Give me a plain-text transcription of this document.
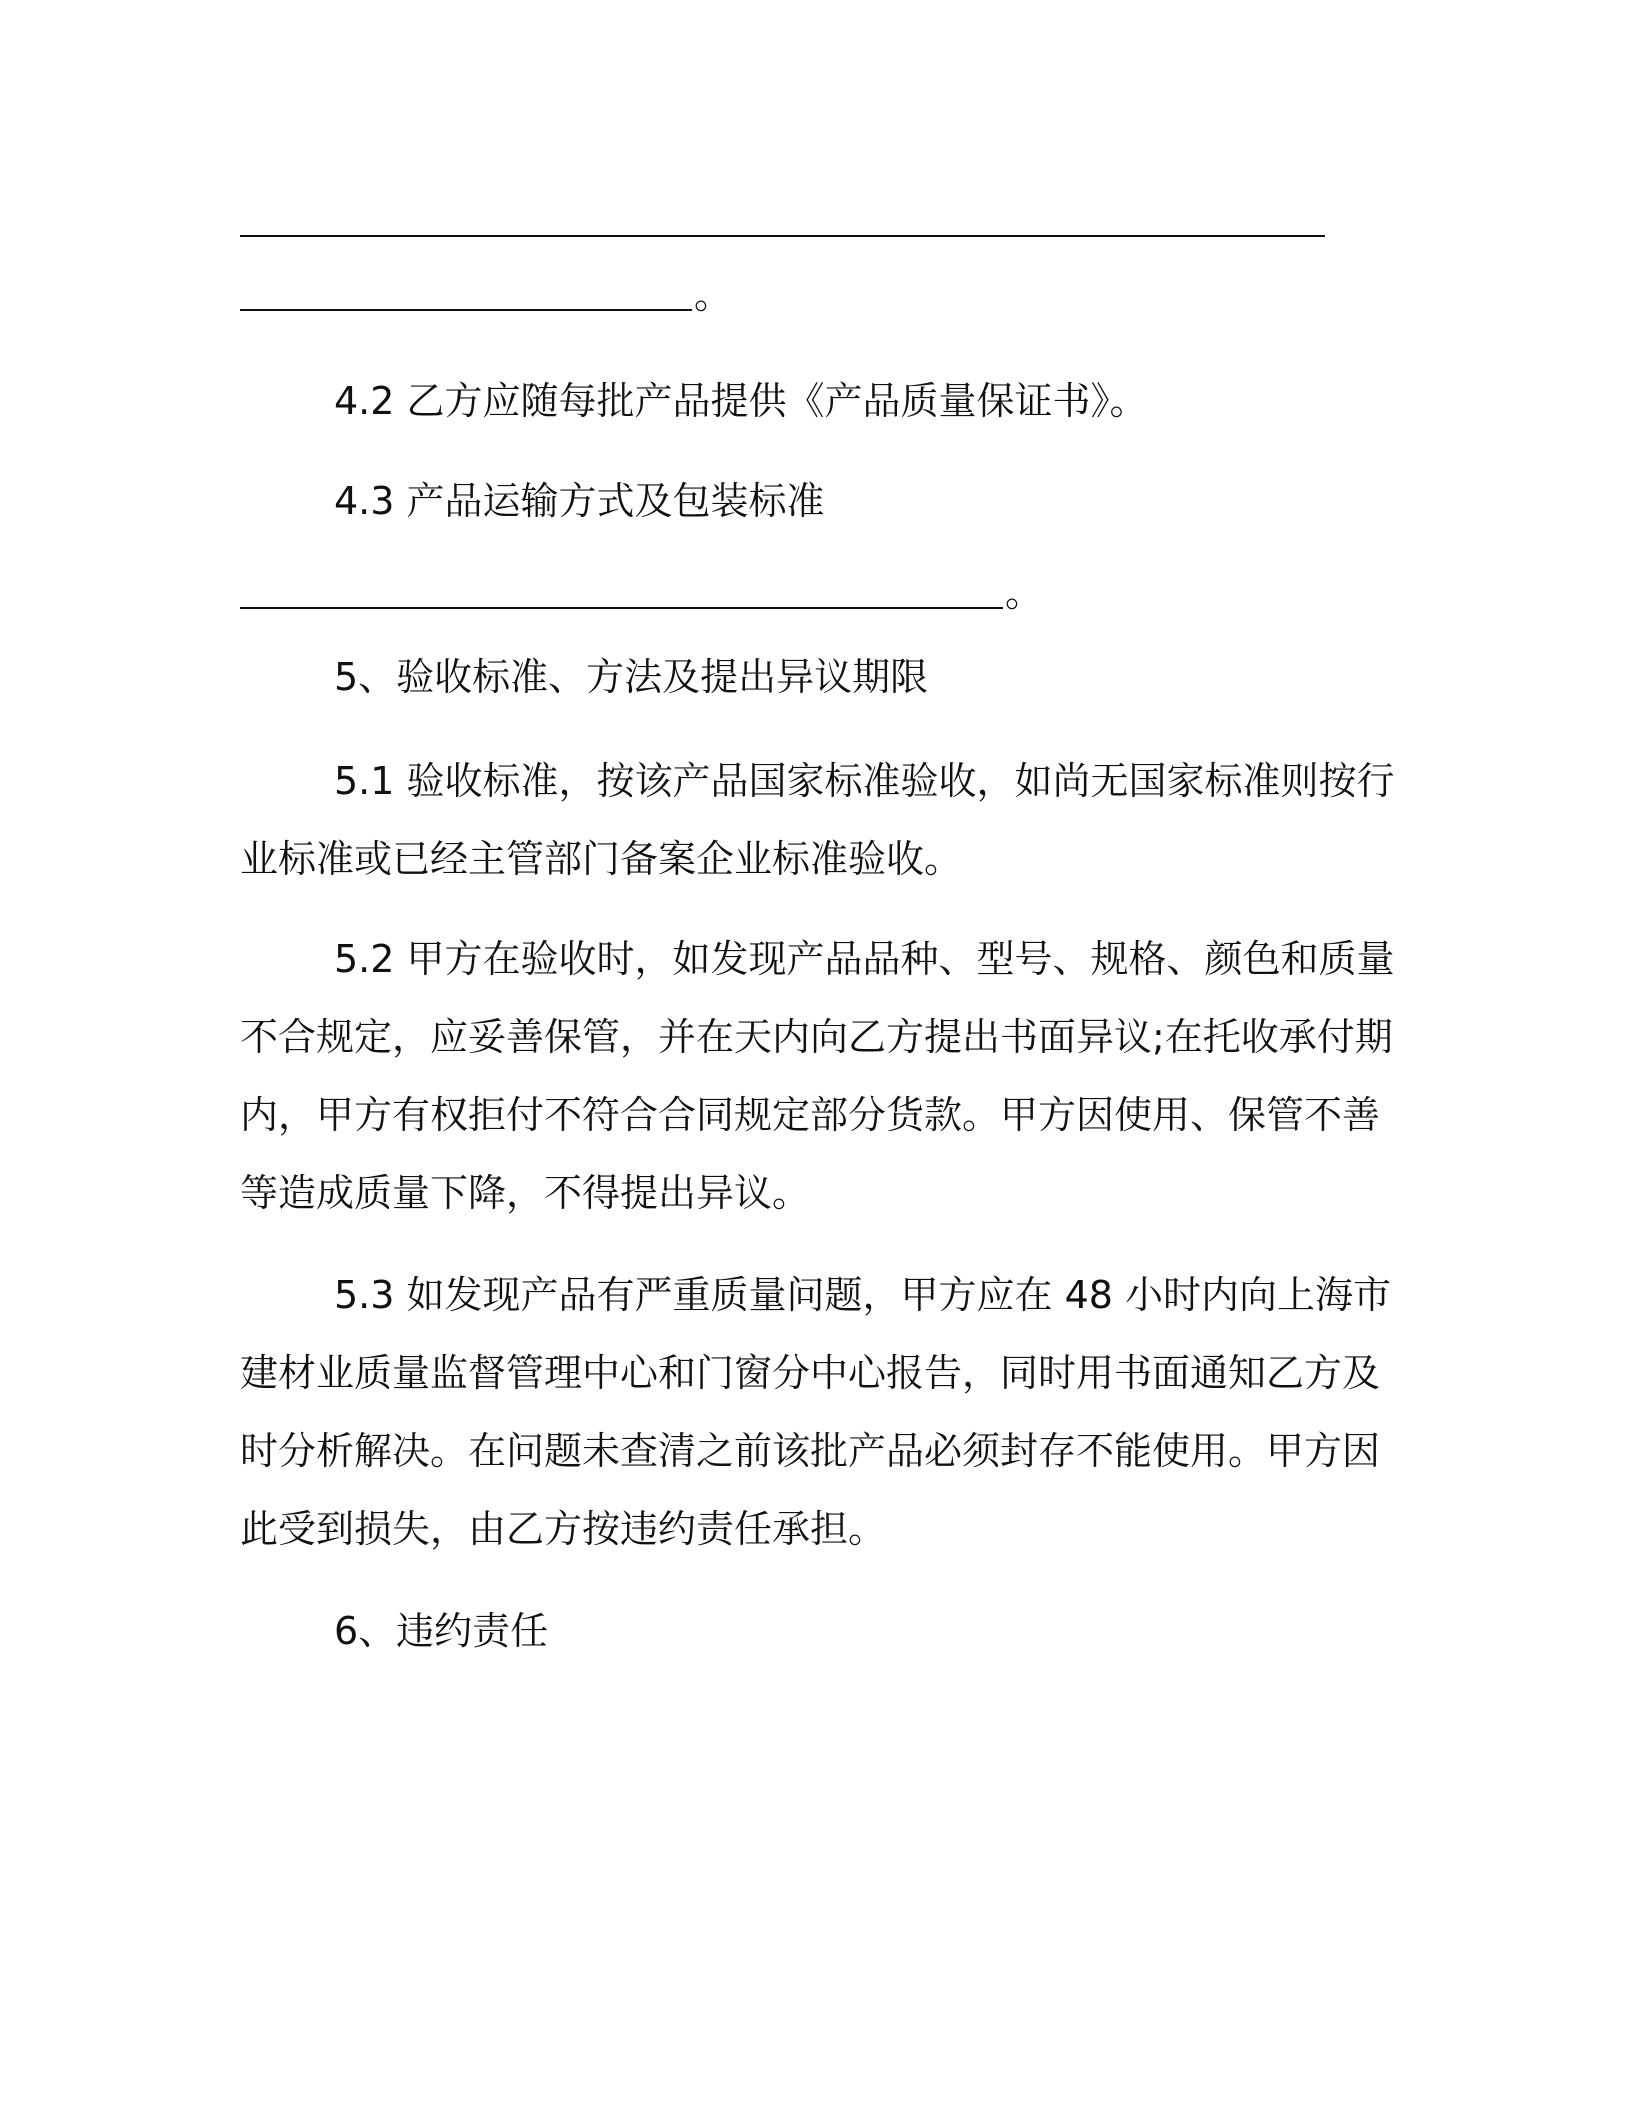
。
4.2 乙方应随每批产品提供《产品质量保证书》。
4.3 产品运输方式及包装标准
。
5、验收标准、方法及提出异议期限
5.1 验收标准，按该产品国家标准验收，如尚无国家标准则按行
业标准或已经主管部门备案企业标准验收。
5.2 甲方在验收时，如发现产品品种、型号、规格、颜色和质量
不合规定，应妥善保管，并在天内向乙方提出书面异议;在托收承付期
内，甲方有权拒付不符合合同规定部分货款。甲方因使用、保管不善
等造成质量下降，不得提出异议。
5.3 如发现产品有严重质量问题，甲方应在 48 小时内向上海市
建材业质量监督管理中心和门窗分中心报告，同时用书面通知乙方及
时分析解决。在问题未查清之前该批产品必须封存不能使用。甲方因
此受到损失，由乙方按违约责任承担。
6、违约责任
